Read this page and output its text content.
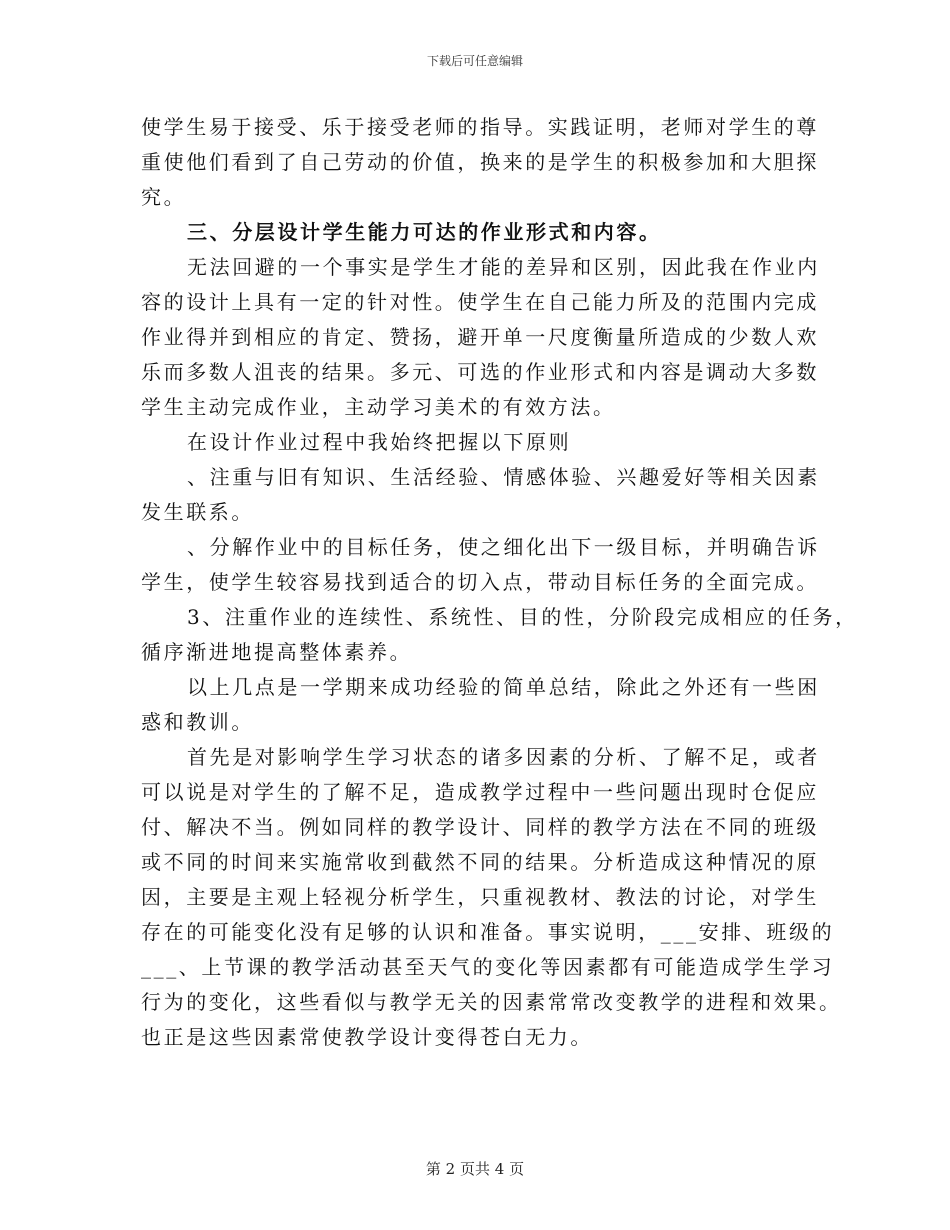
下载后可任意编辑
使学生易于接受、乐于接受老师的指导。实践证明，老师对学生的尊
重使他们看到了自己劳动的价值，换来的是学生的积极参加和大胆探
究。
三、分层设计学生能力可达的作业形式和内容。
无法回避的一个事实是学生才能的差异和区别，因此我在作业内
容的设计上具有一定的针对性。使学生在自己能力所及的范围内完成
作业得并到相应的肯定、赞扬，避开单一尺度衡量所造成的少数人欢
乐而多数人沮丧的结果。多元、可选的作业形式和内容是调动大多数
学生主动完成作业，主动学习美术的有效方法。
在设计作业过程中我始终把握以下原则
、注重与旧有知识、生活经验、情感体验、兴趣爱好等相关因素
发生联系。
、分解作业中的目标任务，使之细化出下一级目标，并明确告诉
学生，使学生较容易找到适合的切入点，带动目标任务的全面完成。
3、注重作业的连续性、系统性、目的性，分阶段完成相应的任务，
循序渐进地提高整体素养。
以上几点是一学期来成功经验的简单总结，除此之外还有一些困
惑和教训。
首先是对影响学生学习状态的诸多因素的分析、了解不足，或者
可以说是对学生的了解不足，造成教学过程中一些问题出现时仓促应
付、解决不当。例如同样的教学设计、同样的教学方法在不同的班级
或不同的时间来实施常收到截然不同的结果。分析造成这种情况的原
因，主要是主观上轻视分析学生，只重视教材、教法的讨论，对学生
存在的可能变化没有足够的认识和准备。事实说明，___安排、班级的
___、上节课的教学活动甚至天气的变化等因素都有可能造成学生学习
行为的变化，这些看似与教学无关的因素常常改变教学的进程和效果。
也正是这些因素常使教学设计变得苍白无力。
第 2 页共 4 页
